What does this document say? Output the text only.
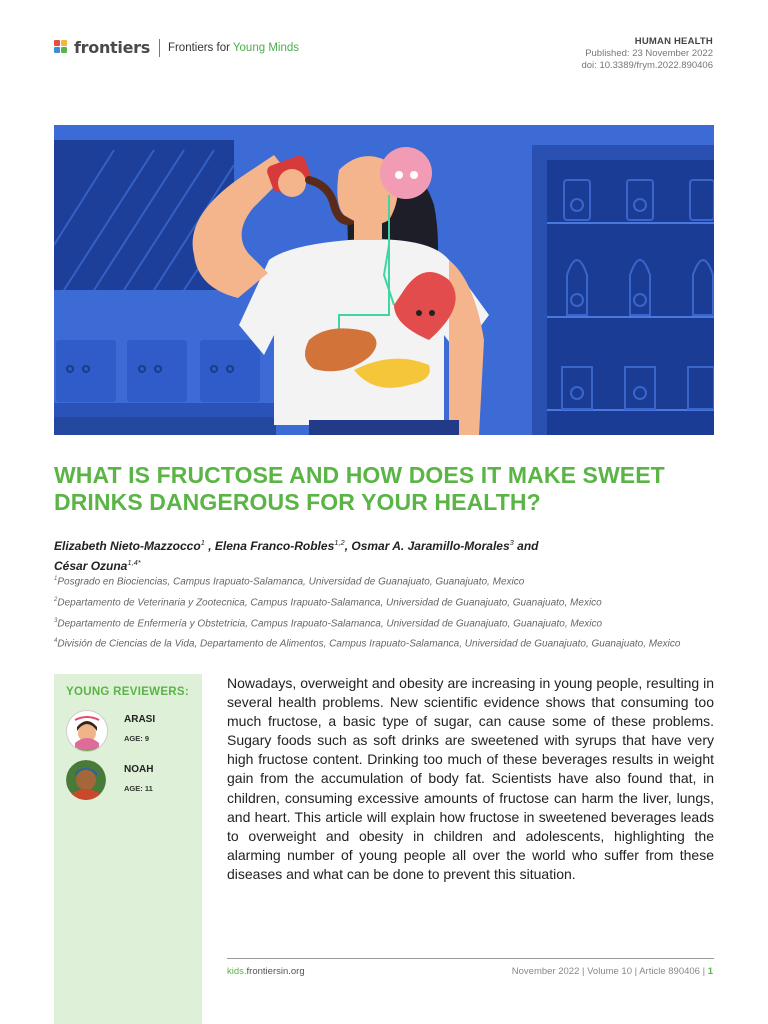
frontiers Frontiers for Young Minds	HUMAN HEALTH
Published: 23 November 2022
doi: 10.3389/frym.2022.890406
WHAT IS FRUCTOSE AND HOW DOES IT MAKE SWEET DRINKS DANGEROUS FOR YOUR HEALTH?
Elizabeth Nieto-Mazzocco$^1$ , Elena Franco-Robles$^{1,2}$, Osmar A. Jaramillo-Morales$^3$ and
César Ozuna$^{1,4*}$
$^1$Posgrado en Biociencias, Campus Irapuato-Salamanca, Universidad de Guanajuato, Guanajuato, Mexico
$^2$Departamento de Veterinaria y Zootecnica, Campus Irapuato-Salamanca, Universidad de Guanajuato, Guanajuato, Mexico
$^3$Departamento de Enfermería y Obstetricia, Campus Irapuato-Salamanca, Universidad de Guanajuato, Guanajuato, Mexico
$^4$División de Ciencias de la Vida, Departamento de Alimentos, Campus Irapuato-Salamanca, Universidad de Guanajuato, Guanajuato, Mexico
YOUNG REVIEWERS:
ARASI
AGE: 9
NOAH
AGE: 11

Nowadays, overweight and obesity are increasing in young people, resulting in several health problems. New scientific evidence shows that consuming too much fructose, a basic type of sugar, can cause some of these problems. Sugary foods such as soft drinks are sweetened with syrups that have very high fructose content. Drinking too much of these beverages results in weight gain from the accumulation of body fat. Scientists have also found that, in children, consuming excessive amounts of fructose can harm the liver, lungs, and heart. This article will explain how fructose in sweetened beverages leads to overweight and obesity in children and adolescents, highlighting the alarming number of young people all over the world who suffer from these diseases and what can be done to prevent this situation.

kids.frontiersin.org	November 2022 | Volume 10 | Article 890406 | 1
